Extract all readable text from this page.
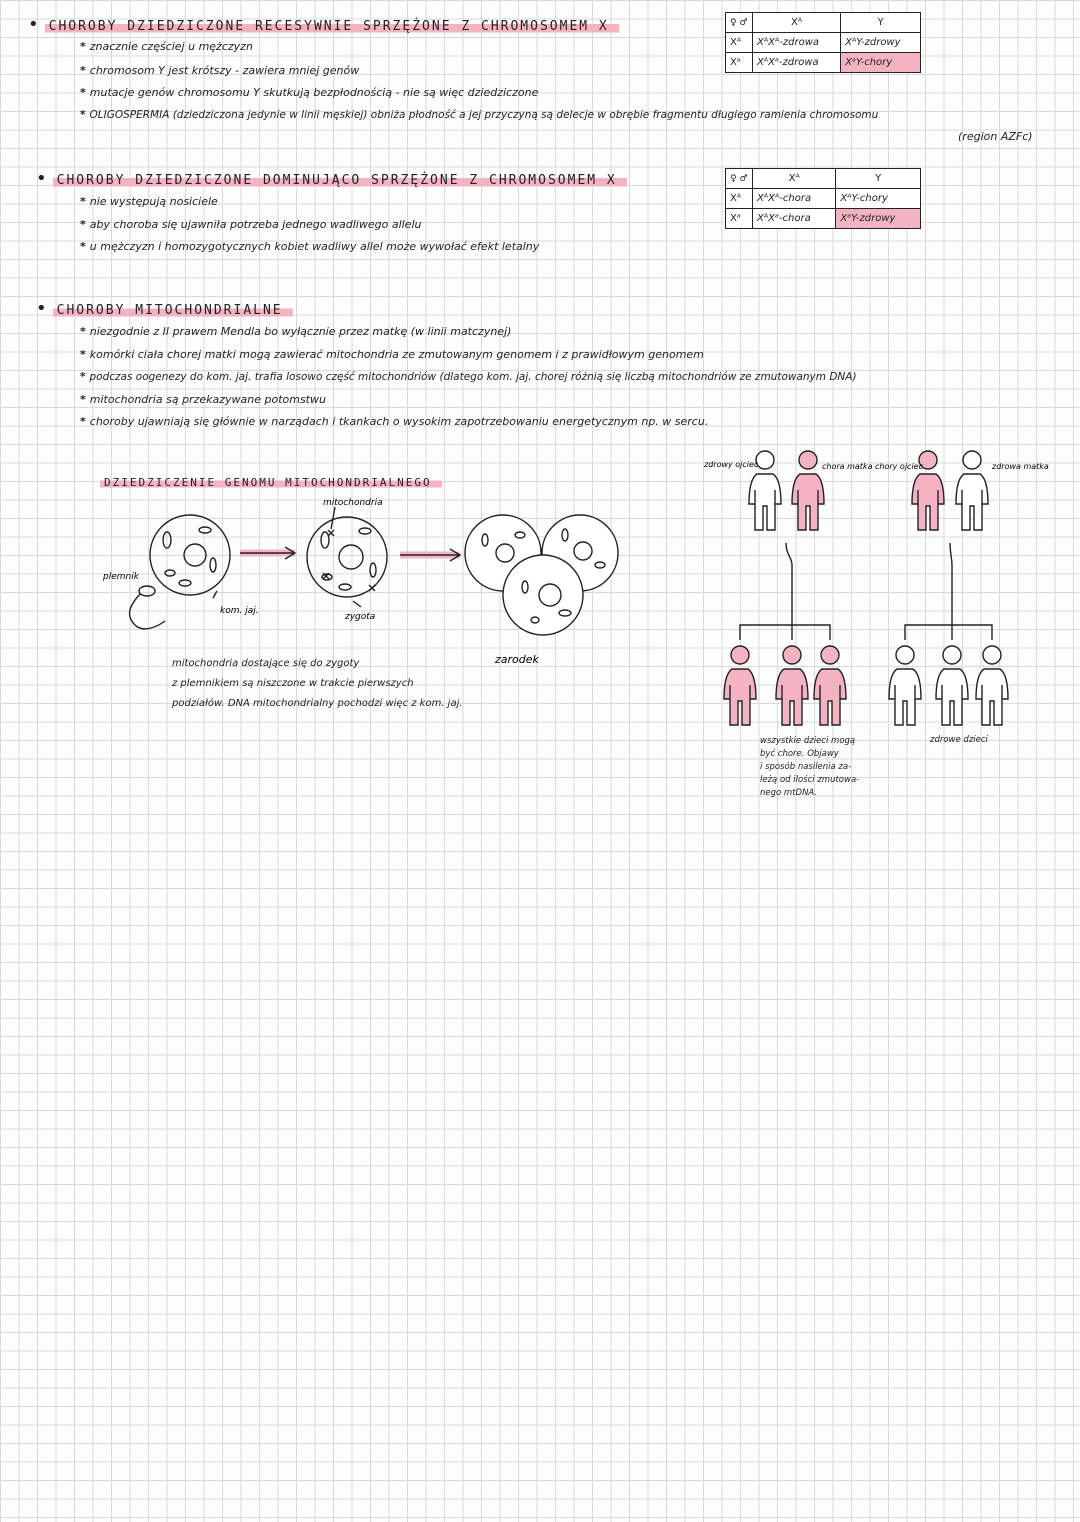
• CHOROBY DZIEDZICZONE RECESYWNIE SPRZĘŻONE Z CHROMOSOMEM X
* znacznie częściej u mężczyzn
* chromosom Y jest krótszy - zawiera mniej genów
* mutacje genów chromosomu Y skutkują bezpłodnością - nie są więc dziedziczone
* OLIGOSPERMIA (dziedziczona jedynie w linii męskiej) obniża płodność a jej przyczyną są delecje w obrębie fragmentu długiego ramienia chromosomu
(region AZFc)
♀ ♂	Xᴬ	Y
Xᴬ	XᴬXᴬ-zdrowa	XᴬY-zdrowy
Xᵃ	XᴬXᵃ-zdrowa	XᵃY-chory
• CHOROBY DZIEDZICZONE DOMINUJĄCO SPRZĘŻONE Z CHROMOSOMEM X
* nie występują nosiciele
* aby choroba się ujawniła potrzeba jednego wadliwego allelu
* u mężczyzn i homozygotycznych kobiet wadliwy allel może wywołać efekt letalny
♀ ♂	Xᴬ	Y
Xᴬ	XᴬXᴬ-chora	XᴬY-chory
Xᵃ	XᴬXᵃ-chora	XᵃY-zdrowy
• CHOROBY MITOCHONDRIALNE
* niezgodnie z II prawem Mendla bo wyłącznie przez matkę (w linii matczynej)
* komórki ciała chorej matki mogą zawierać mitochondria ze zmutowanym genomem i z prawidłowym genomem
* podczas oogenezy do kom. jaj. trafia losowo część mitochondriów (dlatego kom. jaj. chorej różnią się liczbą mitochondriów ze zmutowanym DNA)
* mitochondria są przekazywane potomstwu
* choroby ujawniają się głównie w narządach i tkankach o wysokim zapotrzebowaniu energetycznym np. w sercu.
DZIEDZICZENIE GENOMU MITOCHONDRIALNEGO
plemnik
kom. jaj.
mitochondria
zygota
zarodek
mitochondria dostające się do zygoty
z plemnikiem są niszczone w trakcie pierwszych
podziałów. DNA mitochondrialny pochodzi więc z kom. jaj.
zdrowy ojciec	chora matka chory ojciec	zdrowa matka
wszystkie dzieci mogą
być chore. Objawy
i sposób nasilenia za-
leżą od ilości zmutowa-
nego mtDNA.
zdrowe dzieci
